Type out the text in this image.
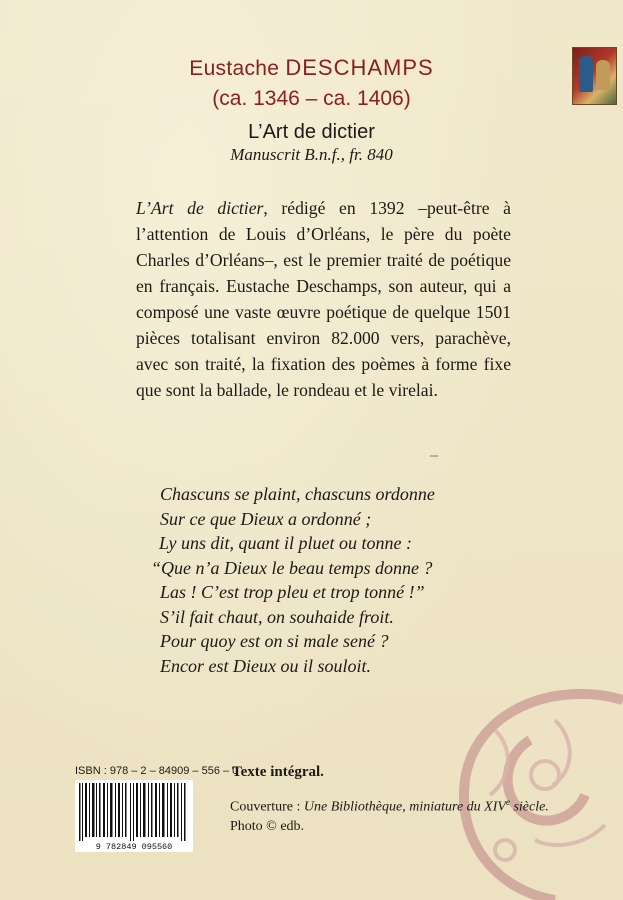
Eustache DESCHAMPS
(ca. 1346 – ca. 1406)
L’Art de dictier
Manuscrit B.n.f., fr. 840
L’Art de dictier, rédigé en 1392 –peut-être à l’attention de Louis d’Orléans, le père du poète Charles d’Orléans–, est le premier traité de poétique en français. Eustache Deschamps, son auteur, qui a composé une vaste œuvre poétique de quelque 1501 pièces totalisant environ 82.000 vers, parachève, avec son traité, la fixation des poèmes à forme fixe que sont la ballade, le rondeau et le virelai.
Chascuns se plaint, chascuns ordonne
Sur ce que Dieux a ordonné ;
Ly uns dit, quant il pluet ou tonne :
“Que n’a Dieux le beau temps donne ?
Las ! C’est trop pleu et trop tonné !”
S’il fait chaut, on souhaide froit.
Pour quoy est on si male sené ?
Encor est Dieux ou il souloit.
ISBN : 978 – 2 – 84909 – 556 – 0
9 782849 095560
Texte intégral.
Couverture : Une Bibliothèque, miniature du XIVe siècle.
Photo © edb.
